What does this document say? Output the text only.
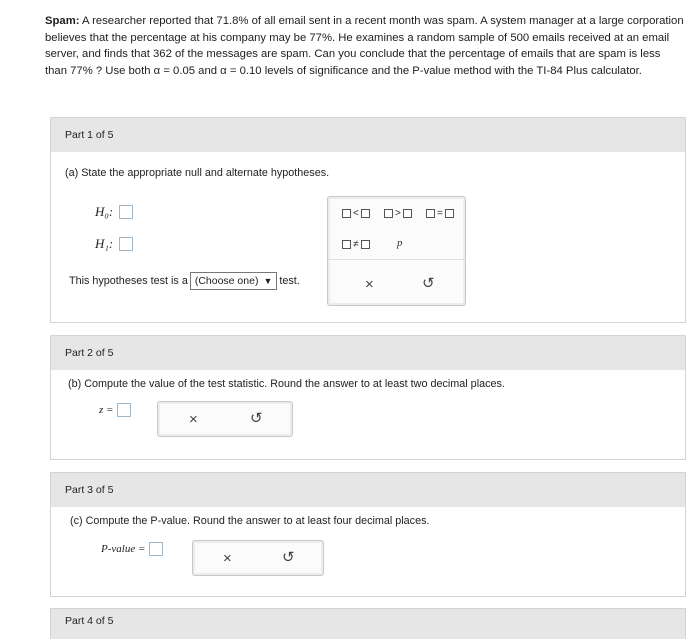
Spam: A researcher reported that 71.8% of all email sent in a recent month was spam. A system manager at a large corporation believes that the percentage at his company may be 77%. He examines a random sample of 500 emails received at an email server, and finds that 362 of the messages are spam. Can you conclude that the percentage of emails that are spam is less than 77% ? Use both α = 0.05 and α = 0.10 levels of significance and the P-value method with the TI-84 Plus calculator.
Part 1 of 5
(a) State the appropriate null and alternate hypotheses.
H₀:
H₁:
This hypotheses test is a (Choose one) ▼ test.
<	>	=
≠	p
×	↺
Part 2 of 5
(b) Compute the value of the test statistic. Round the answer to at least two decimal places.
z =
×	↺
Part 3 of 5
(c) Compute the P-value. Round the answer to at least four decimal places.
P-value =
×	↺
Part 4 of 5
